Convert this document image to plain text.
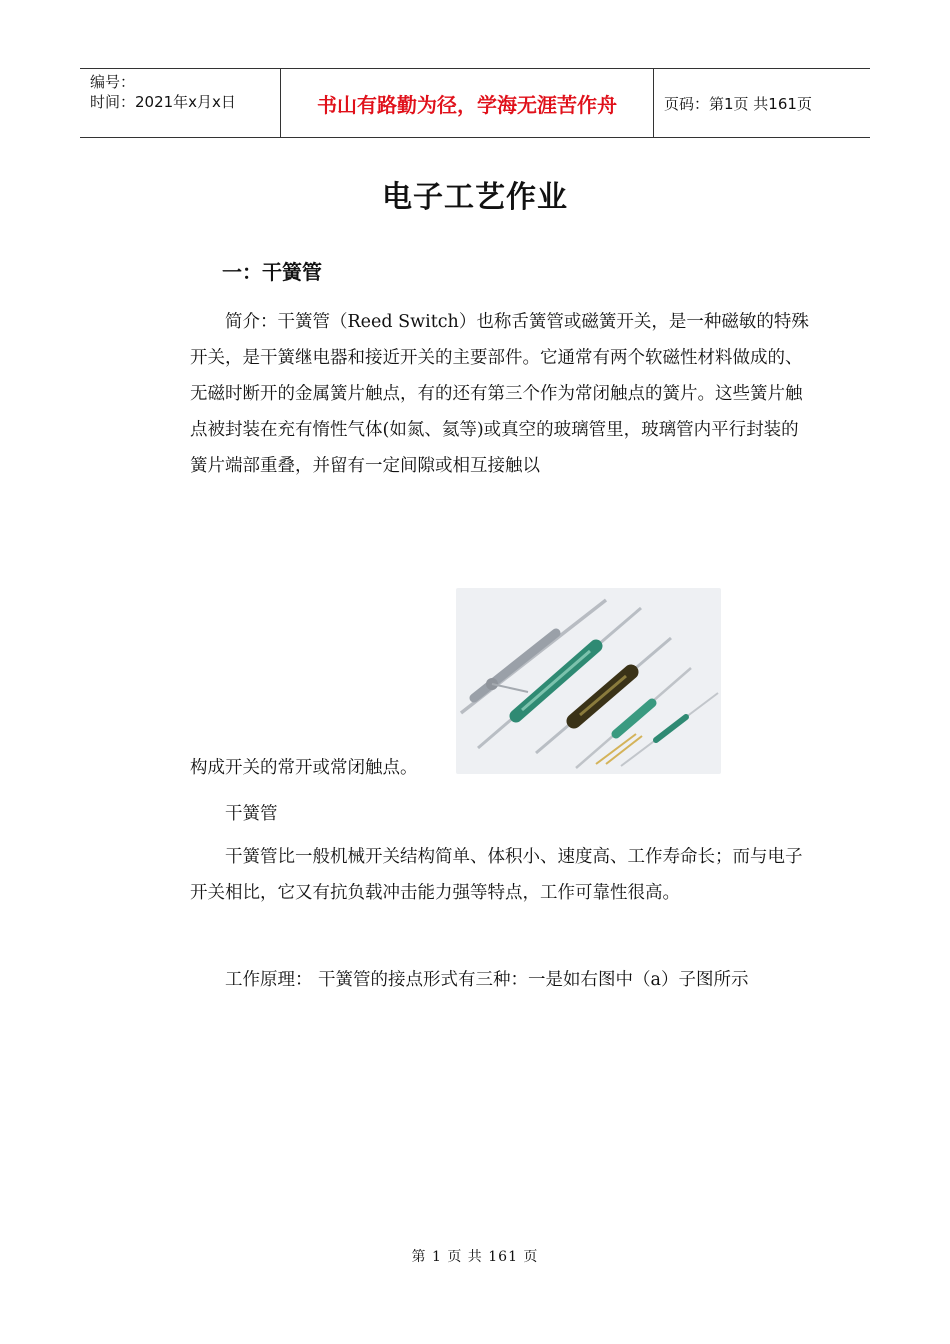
编号：
时间：2021年x月x日	书山有路勤为径，学海无涯苦作舟	页码：第1页 共161页
电子工艺作业
一：干簧管

简介：干簧管（Reed Switch）也称舌簧管或磁簧开关，是一种磁敏的特殊开关，是干簧继电器和接近开关的主要部件。它通常有两个软磁性材料做成的、无磁时断开的金属簧片触点，有的还有第三个作为常闭触点的簧片。这些簧片触点被封装在充有惰性气体(如氮、氦等)或真空的玻璃管里，玻璃管内平行封装的簧片端部重叠，并留有一定间隙或相互接触以

构成开关的常开或常闭触点。

干簧管

干簧管比一般机械开关结构简单、体积小、速度高、工作寿命长；而与电子开关相比，它又有抗负载冲击能力强等特点，工作可靠性很高。

工作原理： 干簧管的接点形式有三种：一是如右图中（a）子图所示

第 1 页 共 161 页
